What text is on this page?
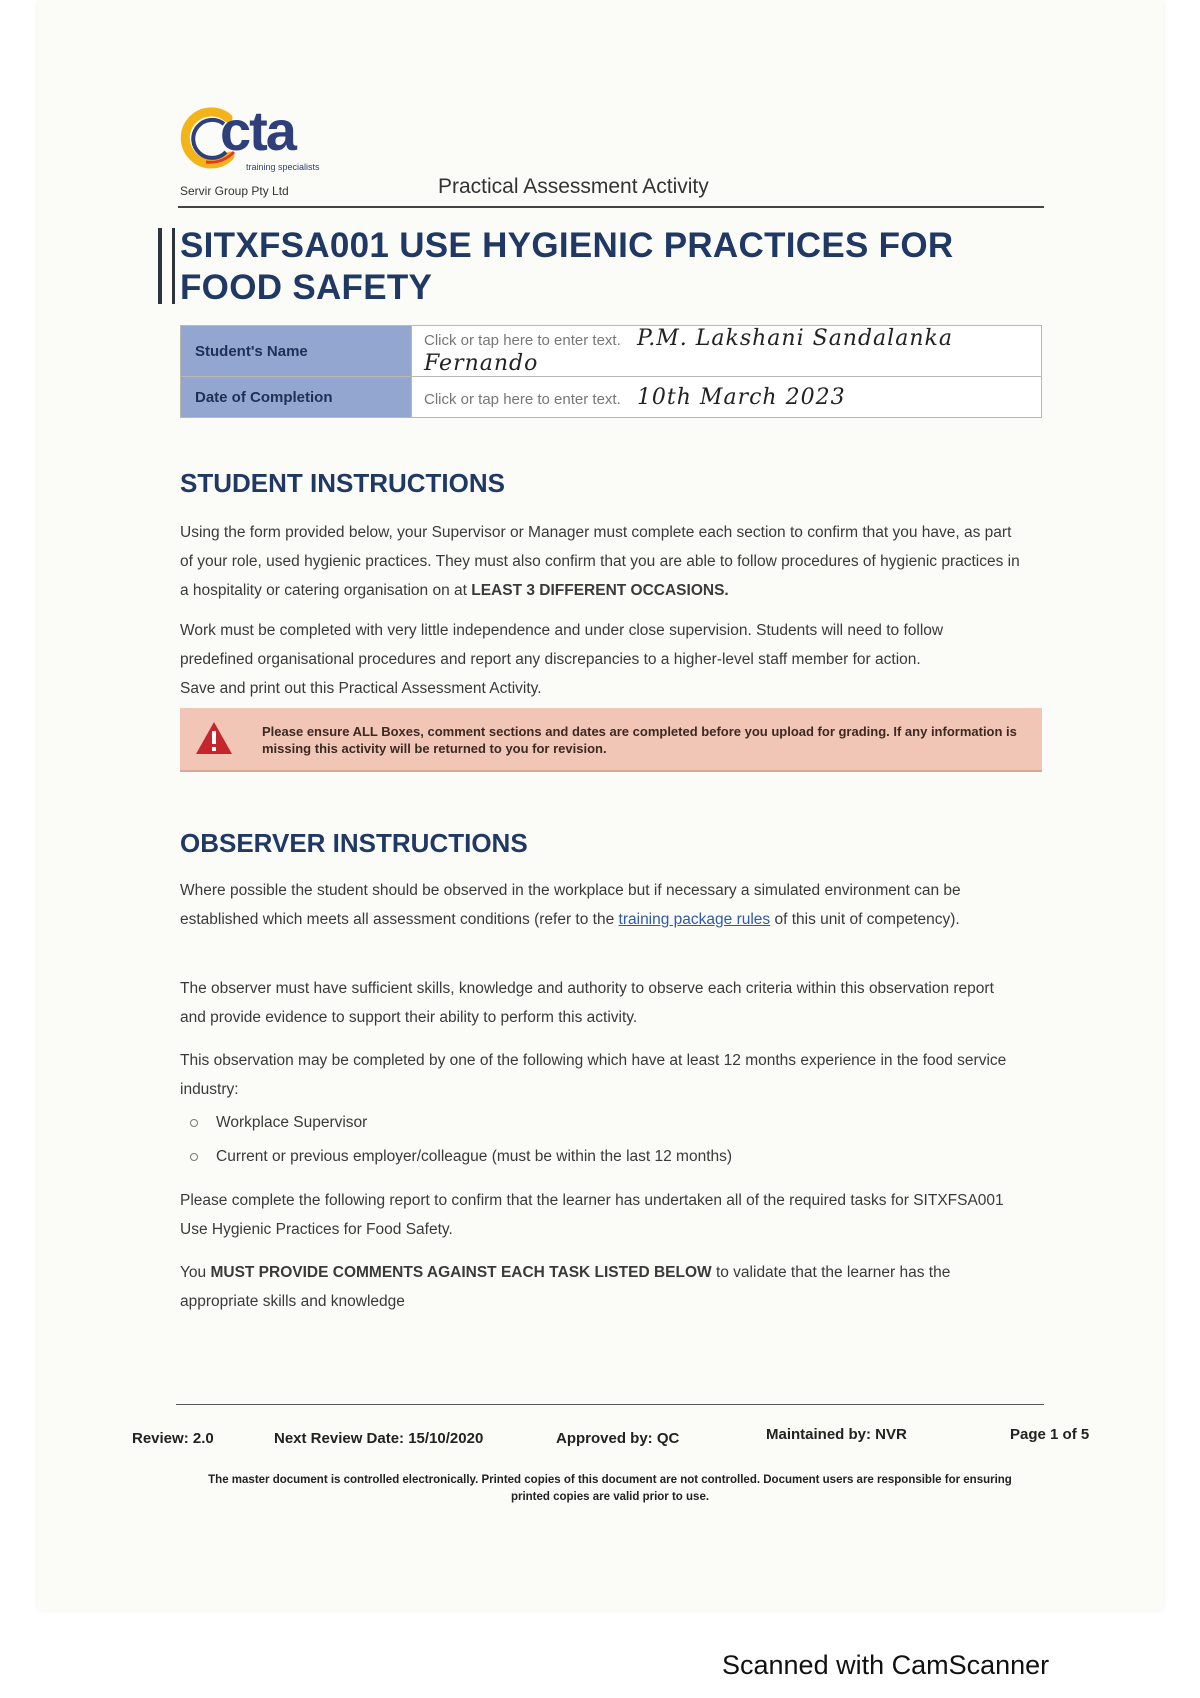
cta
training specialists
Servir Group Pty Ltd	Practical Assessment Activity
SITXFSA001 USE HYGIENIC PRACTICES FOR FOOD SAFETY
Student's Name	Click or tap here to enter text. P.M. Lakshani Sandalanka Fernando
Date of Completion	Click or tap here to enter text. 10th March 2023
STUDENT INSTRUCTIONS

Using the form provided below, your Supervisor or Manager must complete each section to confirm that you have, as part of your role, used hygienic practices. They must also confirm that you are able to follow procedures of hygienic practices in a hospitality or catering organisation on at LEAST 3 DIFFERENT OCCASIONS.

Work must be completed with very little independence and under close supervision. Students will need to follow predefined organisational procedures and report any discrepancies to a higher-level staff member for action.

Save and print out this Practical Assessment Activity.

Please ensure ALL Boxes, comment sections and dates are completed before you upload for grading. If any information is missing this activity will be returned to you for revision.
OBSERVER INSTRUCTIONS

Where possible the student should be observed in the workplace but if necessary a simulated environment can be established which meets all assessment conditions (refer to the training package rules of this unit of competency).

The observer must have sufficient skills, knowledge and authority to observe each criteria within this observation report and provide evidence to support their ability to perform this activity.

This observation may be completed by one of the following which have at least 12 months experience in the food service industry:

Workplace Supervisor
Current or previous employer/colleague (must be within the last 12 months)

Please complete the following report to confirm that the learner has undertaken all of the required tasks for SITXFSA001 Use Hygienic Practices for Food Safety.

You MUST PROVIDE COMMENTS AGAINST EACH TASK LISTED BELOW to validate that the learner has the appropriate skills and knowledge

Review: 2.0	Next Review Date: 15/10/2020	Approved by: QC	Maintained by: NVR	Page 1 of 5
The master document is controlled electronically. Printed copies of this document are not controlled. Document users are responsible for ensuring printed copies are valid prior to use.
Scanned with CamScanner
